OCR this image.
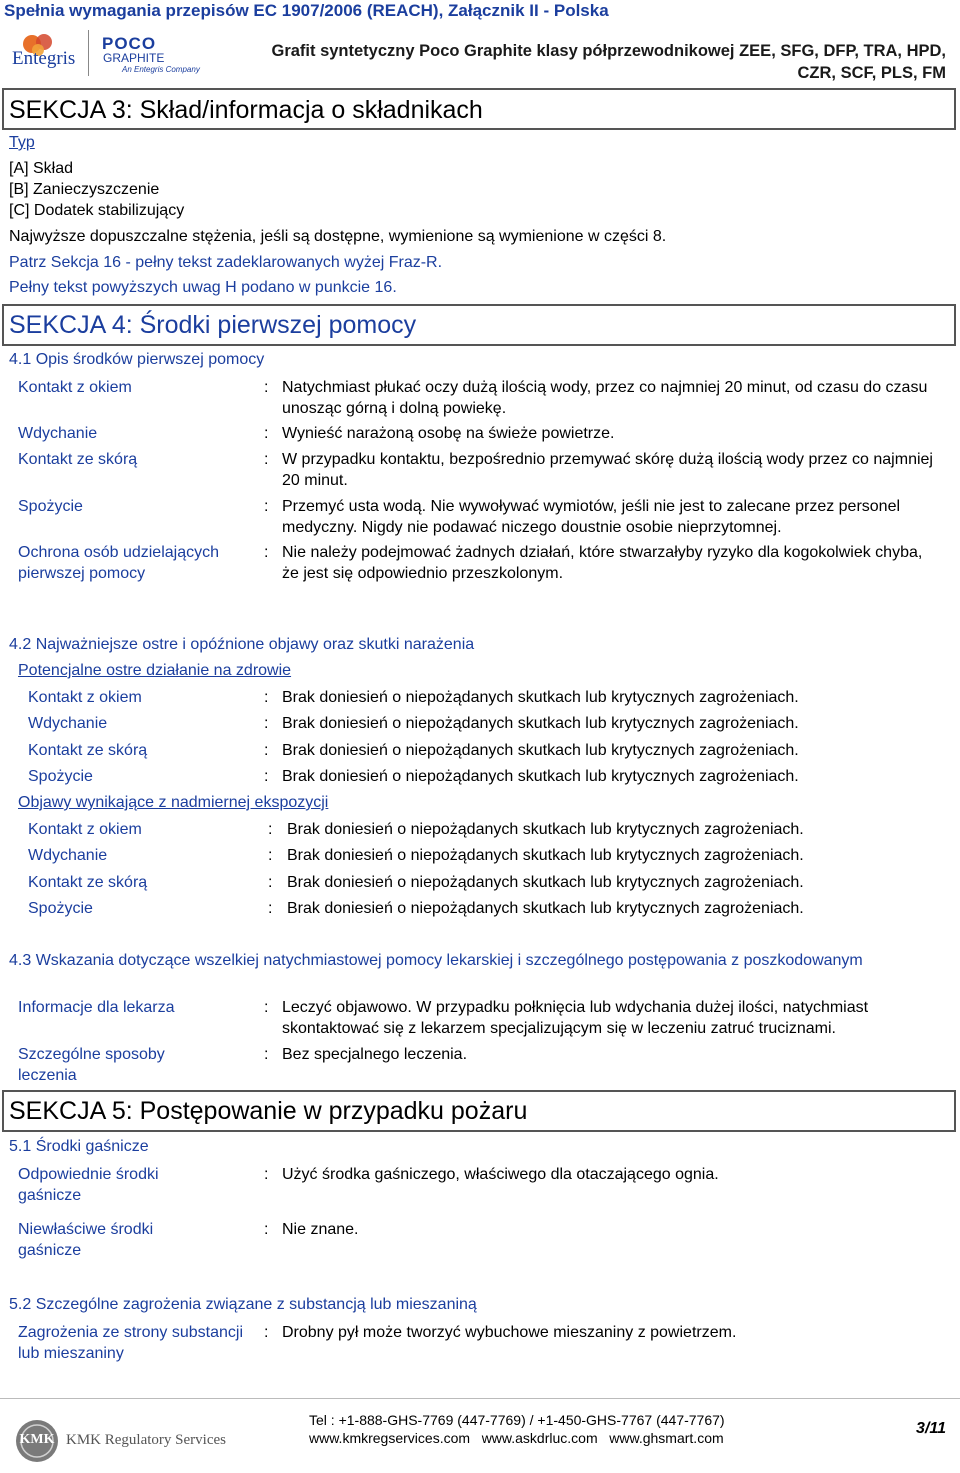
Spełnia wymagania przepisów EC 1907/2006 (REACH), Załącznik II - Polska
Entegris
POCO
GRAPHITE
An Entegris Company
Grafit syntetyczny Poco Graphite klasy półprzewodnikowej ZEE, SFG, DFP, TRA, HPD,
CZR, SCF, PLS, FM
SEKCJA 3: Skład/informacja o składnikach
Typ
[A] Skład
[B] Zanieczyszczenie
[C] Dodatek stabilizujący
Najwyższe dopuszczalne stężenia, jeśli są dostępne, wymienione są wymienione w części 8.
Patrz Sekcja 16 - pełny tekst zadeklarowanych wyżej Fraz-R.
Pełny tekst powyższych uwag H podano w punkcie 16.
SEKCJA 4: Środki pierwszej pomocy
4.1 Opis środków pierwszej pomocy
Kontakt z okiem	: Natychmiast płukać oczy dużą ilością wody, przez co najmniej 20 minut, od czasu do czasu unosząc górną i dolną powiekę.
Wdychanie	: Wynieść narażoną osobę na świeże powietrze.
Kontakt ze skórą	: W przypadku kontaktu, bezpośrednio przemywać skórę dużą ilością wody przez co najmniej 20 minut.
Spożycie	: Przemyć usta wodą. Nie wywoływać wymiotów, jeśli nie jest to zalecane przez personel medyczny. Nigdy nie podawać niczego doustnie osobie nieprzytomnej.
Ochrona osób udzielających pierwszej pomocy
: Nie należy podejmować żadnych działań, które stwarzałyby ryzyko dla kogokolwiek chyba, że jest się odpowiednio przeszkolonym.
4.2 Najważniejsze ostre i opóźnione objawy oraz skutki narażenia
Potencjalne ostre działanie na zdrowie
Kontakt z okiem	: Brak doniesień o niepożądanych skutkach lub krytycznych zagrożeniach.
Wdychanie	: Brak doniesień o niepożądanych skutkach lub krytycznych zagrożeniach.
Kontakt ze skórą	: Brak doniesień o niepożądanych skutkach lub krytycznych zagrożeniach.
Spożycie	: Brak doniesień o niepożądanych skutkach lub krytycznych zagrożeniach.
Objawy wynikające z nadmiernej ekspozycji
Kontakt z okiem	: Brak doniesień o niepożądanych skutkach lub krytycznych zagrożeniach.
Wdychanie	: Brak doniesień o niepożądanych skutkach lub krytycznych zagrożeniach.
Kontakt ze skórą	: Brak doniesień o niepożądanych skutkach lub krytycznych zagrożeniach.
Spożycie	: Brak doniesień o niepożądanych skutkach lub krytycznych zagrożeniach.
4.3 Wskazania dotyczące wszelkiej natychmiastowej pomocy lekarskiej i szczególnego postępowania z poszkodowanym
Informacje dla lekarza	: Leczyć objawowo. W przypadku połknięcia lub wdychania dużej ilości, natychmiast skontaktować się z lekarzem specjalizującym się w leczeniu zatruć truciznami.
Szczególne sposoby leczenia
: Bez specjalnego leczenia.
SEKCJA 5: Postępowanie w przypadku pożaru
5.1 Środki gaśnicze
Odpowiednie środki gaśnicze
: Użyć środka gaśniczego, właściwego dla otaczającego ognia.
Niewłaściwe środki gaśnicze
: Nie znane.
5.2 Szczególne zagrożenia związane z substancją lub mieszaniną
Zagrożenia ze strony substancji lub mieszaniny
: Drobny pył może tworzyć wybuchowe mieszaniny z powietrzem.
KMK KMK Regulatory Services
Tel : +1-888-GHS-7769 (447-7769) / +1-450-GHS-7767 (447-7767)
www.kmkregservices.com   www.askdrluc.com   www.ghsmart.com
3/11
